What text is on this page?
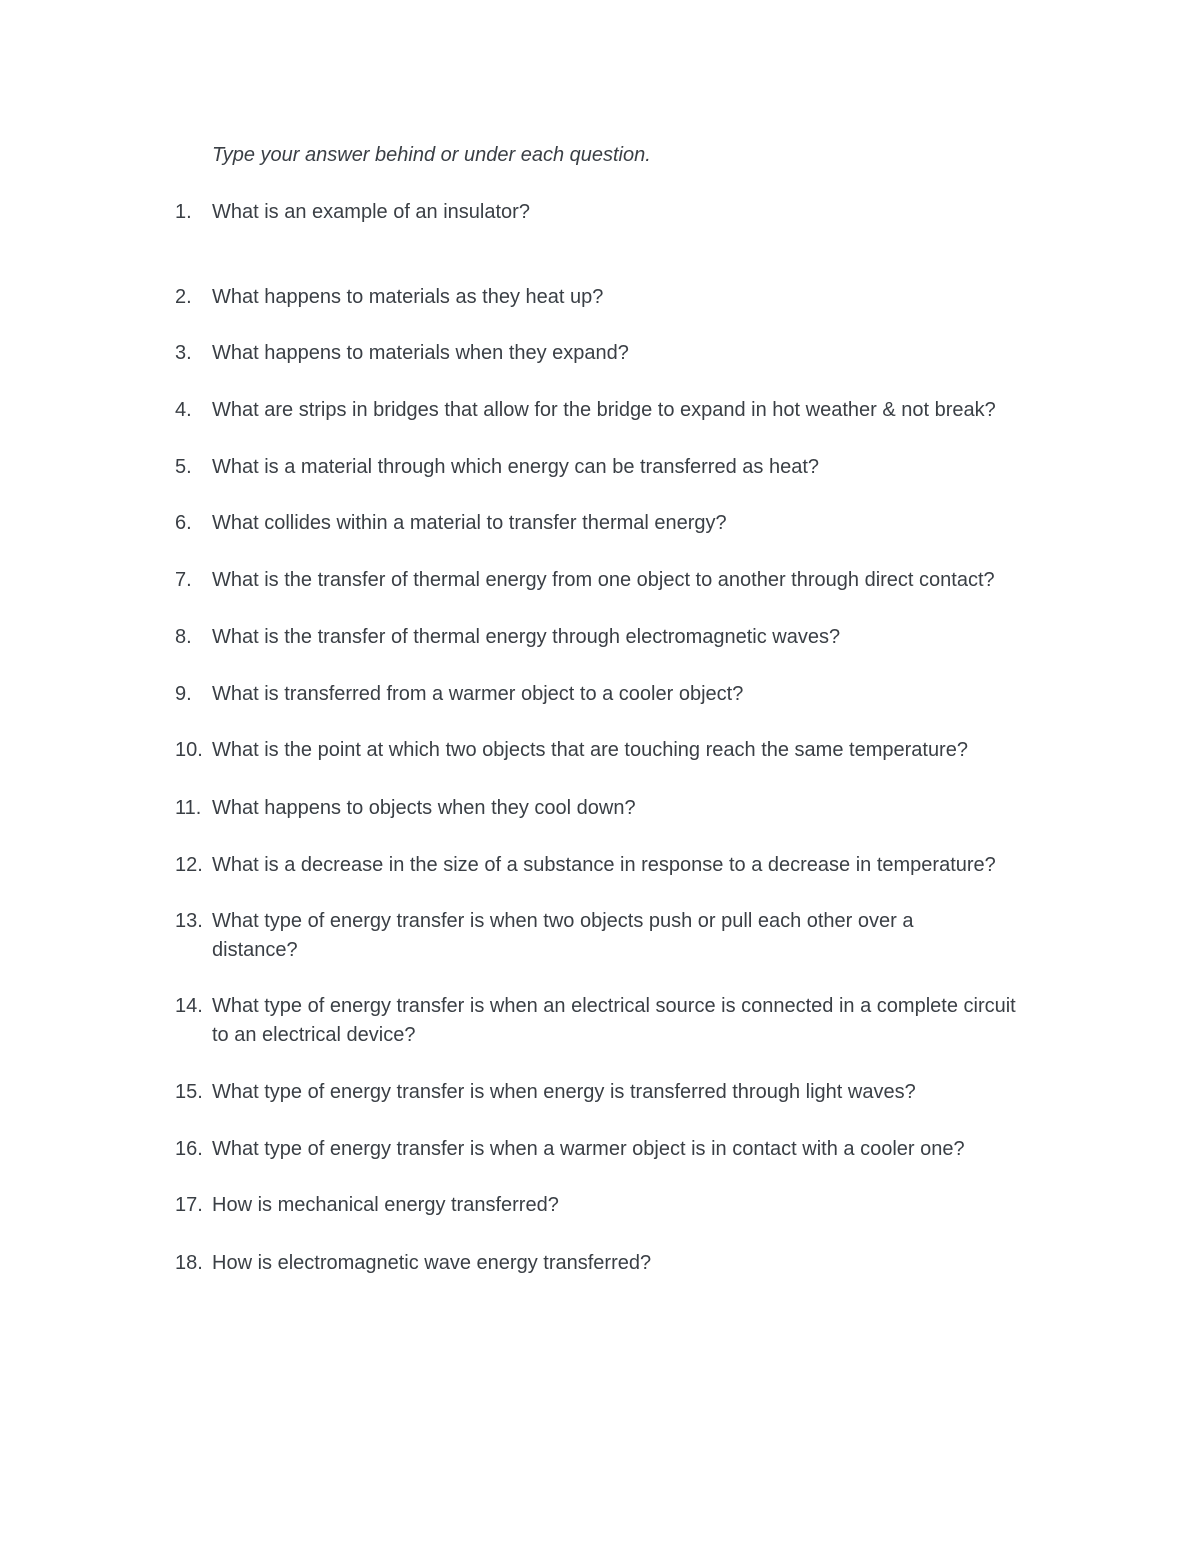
Type your answer behind or under each question.
1. What is an example of an insulator?
2. What happens to materials as they heat up?
3. What happens to materials when they expand?
4. What are strips in bridges that allow for the bridge to expand in hot weather & not break?
5. What is a material through which energy can be transferred as heat?
6. What collides within a material to transfer thermal energy?
7. What is the transfer of thermal energy from one object to another through direct contact?
8. What is the transfer of thermal energy through electromagnetic waves?
9. What is transferred from a warmer object to a cooler object?
10. What is the point at which two objects that are touching reach the same temperature?
11. What happens to objects when they cool down?
12. What is a decrease in the size of a substance in response to a decrease in temperature?
13. What type of energy transfer is when two objects push or pull each other over a distance?
14. What type of energy transfer is when an electrical source is connected in a complete circuit to an electrical device?
15. What type of energy transfer is when energy is transferred through light waves?
16. What type of energy transfer is when a warmer object is in contact with a cooler one?
17. How is mechanical energy transferred?
18. How is electromagnetic wave energy transferred?
